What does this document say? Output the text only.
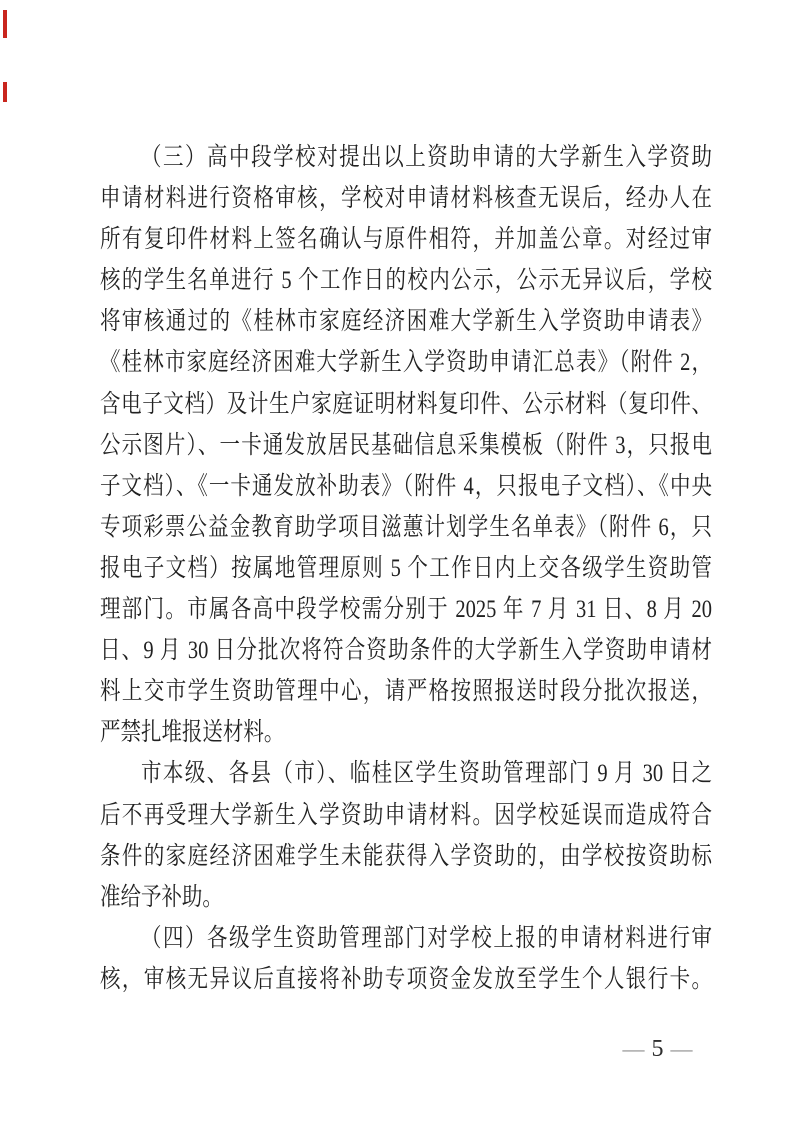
（三）高中段学校对提出以上资助申请的大学新生入学资助
申请材料进行资格审核，学校对申请材料核查无误后，经办人在
所有复印件材料上签名确认与原件相符，并加盖公章。对经过审
核的学生名单进行 5 个工作日的校内公示，公示无异议后，学校
将审核通过的《桂林市家庭经济困难大学新生入学资助申请表》
《桂林市家庭经济困难大学新生入学资助申请汇总表》（附件 2，
含电子文档）及计生户家庭证明材料复印件、公示材料（复印件、
公示图片）、一卡通发放居民基础信息采集模板（附件 3，只报电
子文档）、《一卡通发放补助表》（附件 4，只报电子文档）、《中央
专项彩票公益金教育助学项目滋蕙计划学生名单表》（附件 6，只
报电子文档）按属地管理原则 5 个工作日内上交各级学生资助管
理部门。市属各高中段学校需分别于 2025 年 7 月 31 日、8 月 20
日、9 月 30 日分批次将符合资助条件的大学新生入学资助申请材
料上交市学生资助管理中心，请严格按照报送时段分批次报送，
严禁扎堆报送材料。
市本级、各县（市）、临桂区学生资助管理部门 9 月 30 日之
后不再受理大学新生入学资助申请材料。因学校延误而造成符合
条件的家庭经济困难学生未能获得入学资助的，由学校按资助标
准给予补助。
（四）各级学生资助管理部门对学校上报的申请材料进行审
核，审核无异议后直接将补助专项资金发放至学生个人银行卡。
— 5 —
